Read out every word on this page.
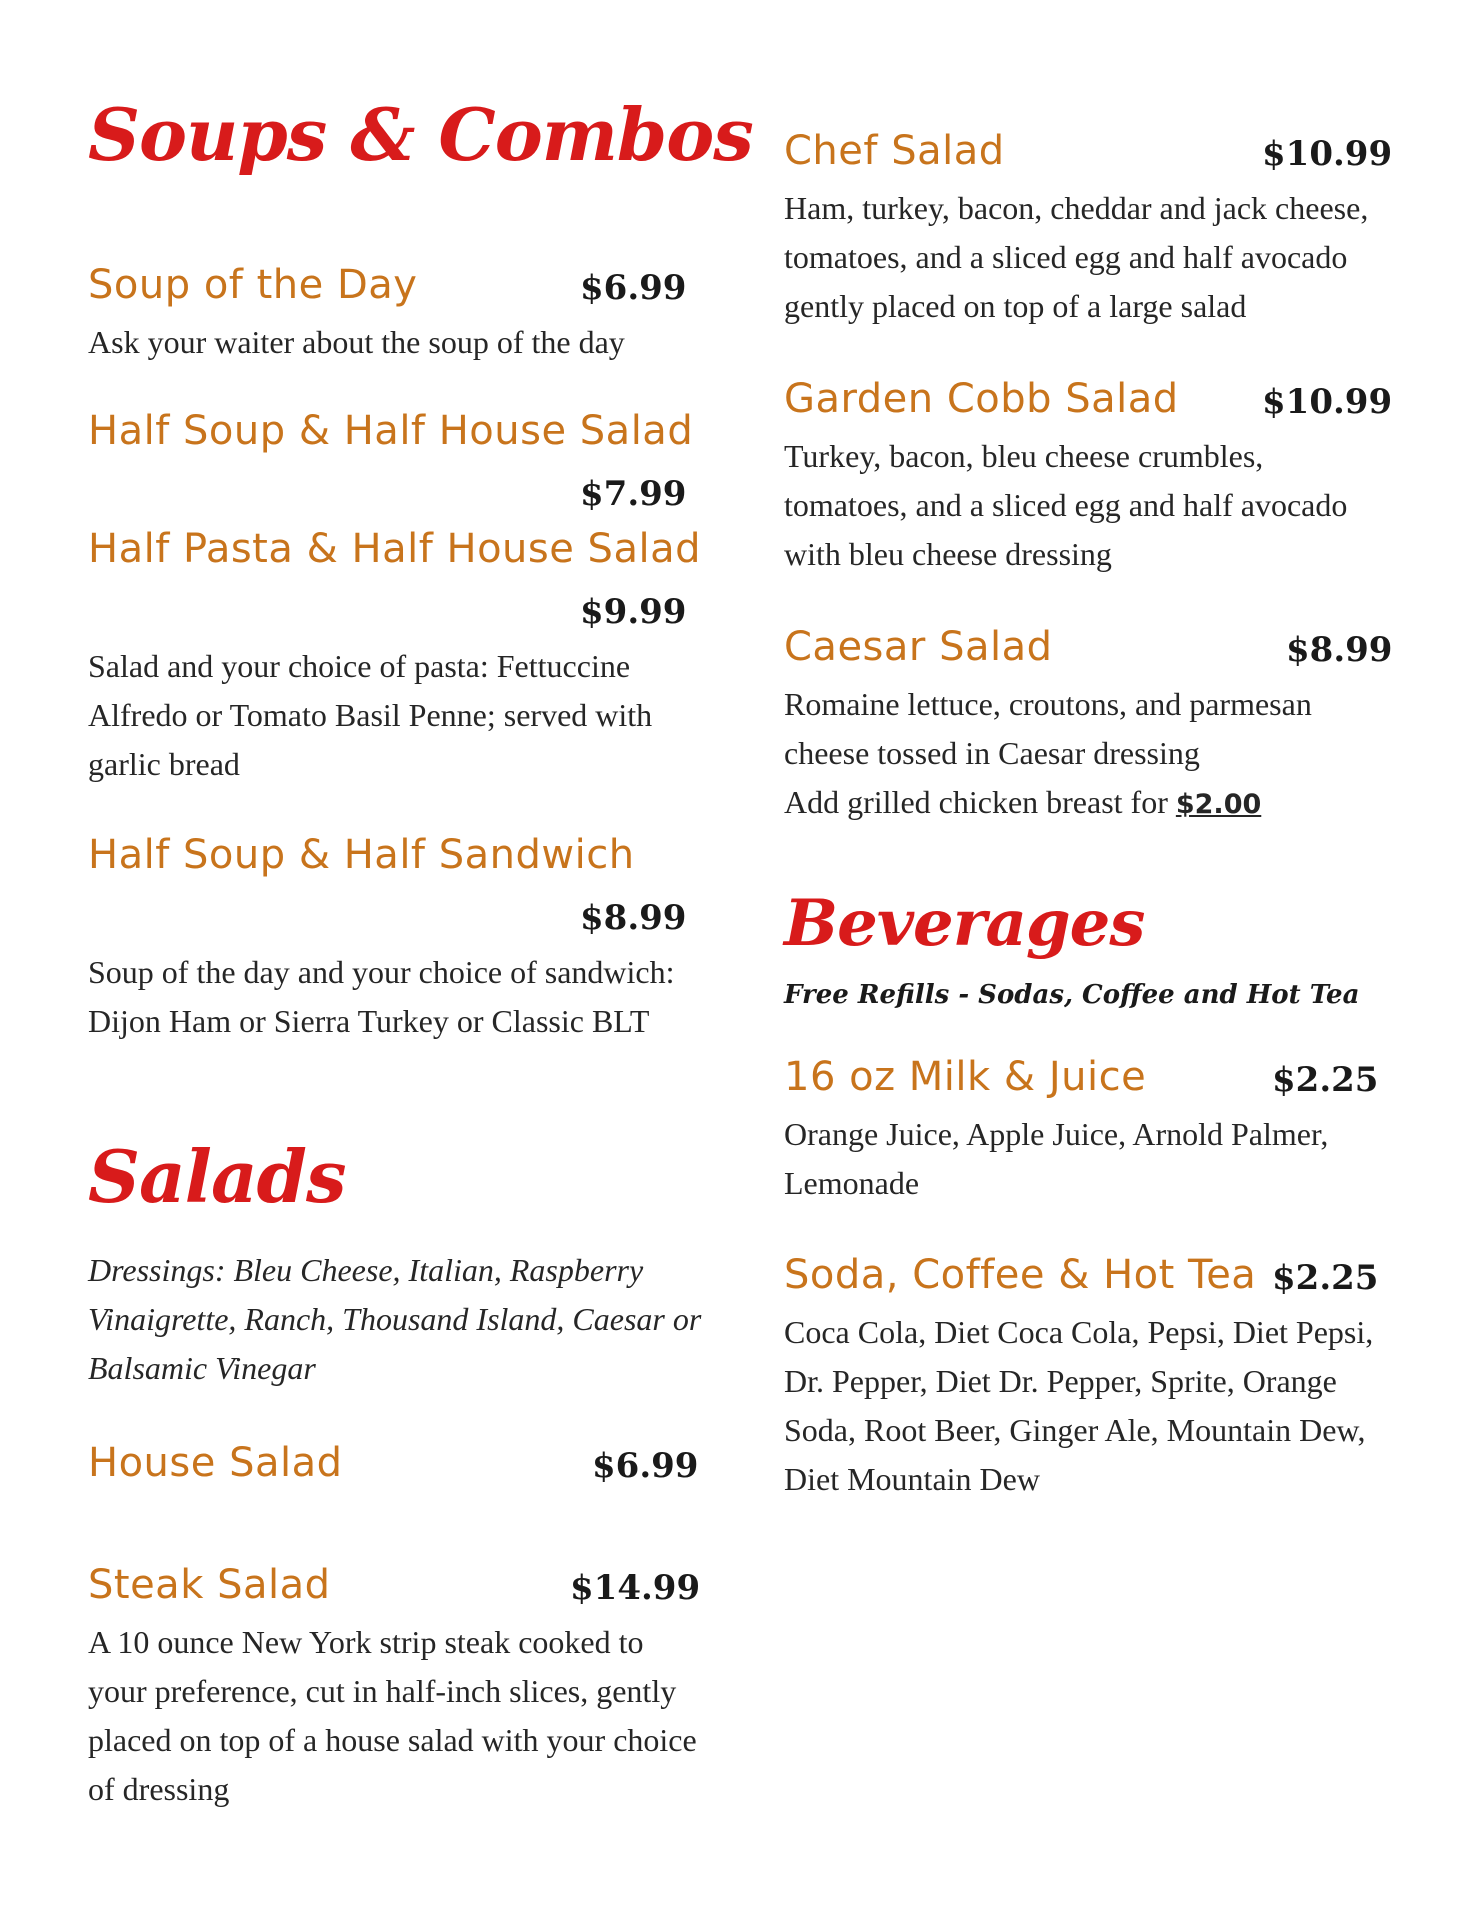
Soups & Combos
Soup of the Day	$6.99
Ask your waiter about the soup of the day
Half Soup & Half House Salad
$7.99
Half Pasta & Half House Salad
$9.99
Salad and your choice of pasta: Fettuccine Alfredo or Tomato Basil Penne; served with garlic bread
Half Soup & Half Sandwich
$8.99
Soup of the day and your choice of sandwich: Dijon Ham or Sierra Turkey or Classic BLT
Salads
Dressings: Bleu Cheese, Italian, Raspberry Vinaigrette, Ranch, Thousand Island, Caesar or Balsamic Vinegar
House Salad	$6.99
Steak Salad	$14.99
A 10 ounce New York strip steak cooked to your preference, cut in half-inch slices, gently placed on top of a house salad with your choice of dressing
Chef Salad	$10.99
Ham, turkey, bacon, cheddar and jack cheese, tomatoes, and a sliced egg and half avocado gently placed on top of a large salad
Garden Cobb Salad $10.99
Turkey, bacon, bleu cheese crumbles, tomatoes, and a sliced egg and half avocado with bleu cheese dressing
Caesar Salad	$8.99
Romaine lettuce, croutons, and parmesan cheese tossed in Caesar dressing
Add grilled chicken breast for $2.00
Beverages
Free Refills - Sodas, Coffee and Hot Tea
16 oz Milk & Juice	$2.25
Orange Juice, Apple Juice, Arnold Palmer, Lemonade
Soda, Coffee & Hot Tea $2.25
Coca Cola, Diet Coca Cola, Pepsi, Diet Pepsi, Dr. Pepper, Diet Dr. Pepper, Sprite, Orange Soda, Root Beer, Ginger Ale, Mountain Dew, Diet Mountain Dew
